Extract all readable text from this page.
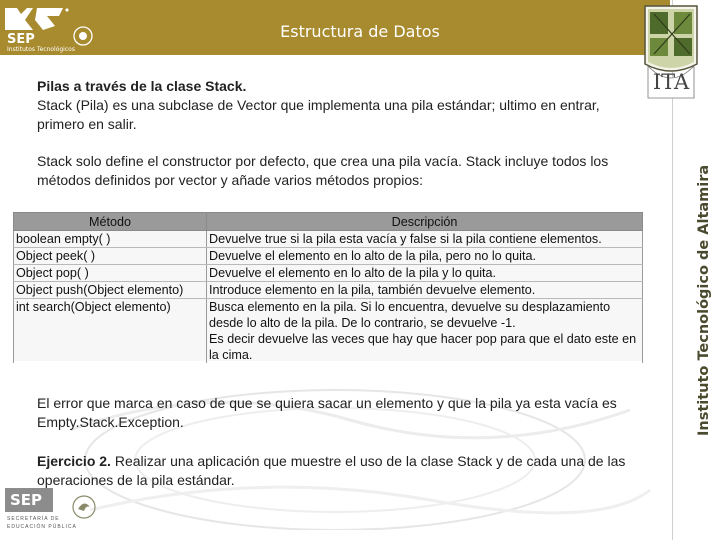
SEP
Institutos Tecnológicos
Estructura de Datos
ITA
Instituto Tecnológico de Altamira
Pilas a través de la clase Stack.
Stack (Pila) es una subclase de Vector que implementa una pila estándar; ultimo en entrar, primero en salir.
Stack solo define el constructor por defecto, que crea una pila vacía. Stack incluye todos los métodos definidos por vector y añade varios métodos propios:
Método	Descripción
boolean empty( )	Devuelve true si la pila esta vacía y false si la pila contiene elementos.
Object peek( )	Devuelve el elemento en lo alto de la pila, pero no lo quita.
Object pop( )	Devuelve el elemento en lo alto de la pila y lo quita.
Object push(Object elemento)	Introduce elemento en la pila, también devuelve elemento.
int search(Object elemento)	Busca elemento en la pila. Si lo encuentra, devuelve su desplazamiento desde lo alto de la pila. De lo contrario, se devuelve -1.
Es decir devuelve las veces que hay que hacer pop para que el dato este en la cima.
El error que marca en caso de que se quiera sacar un elemento y que la pila ya esta vacía es Empty.Stack.Exception.
Ejercicio 2. Realizar una aplicación que muestre el uso de la clase Stack y de cada una de las operaciones de la pila estándar.
SEP
SECRETARÍA DE
EDUCACIÓN PÚBLICA
